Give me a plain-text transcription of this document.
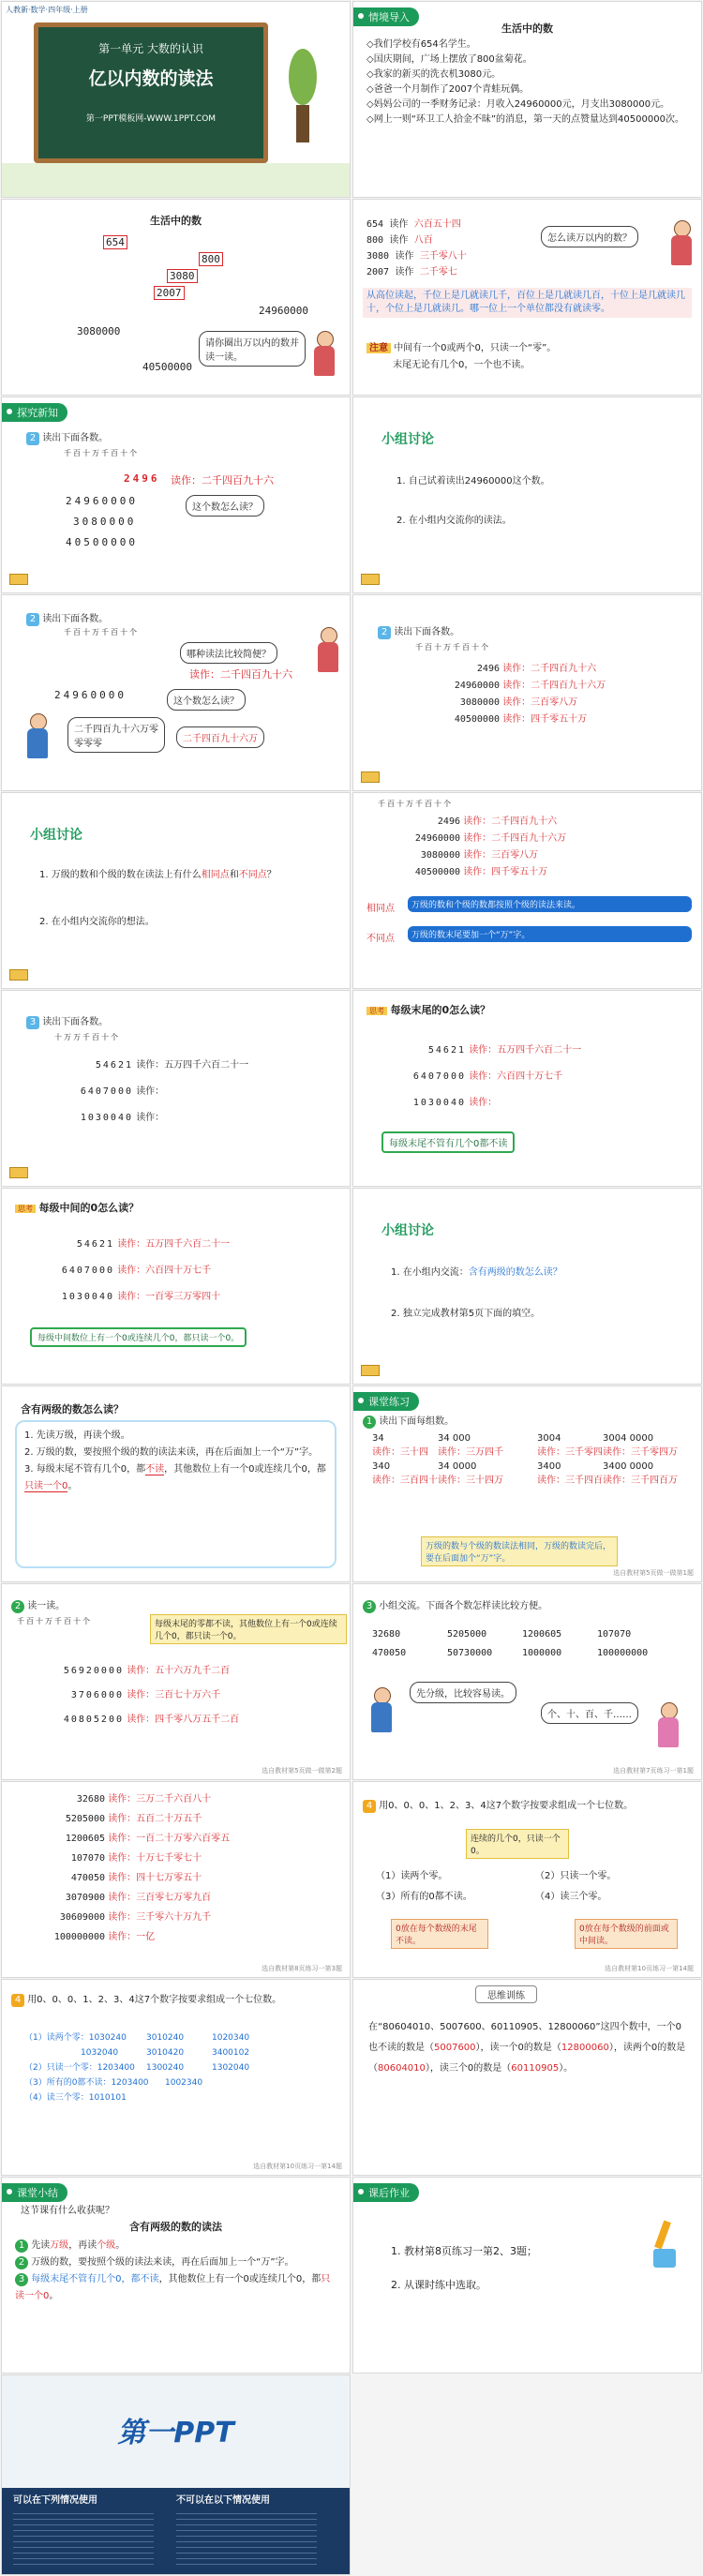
人教新·数学·四年级·上册
第一单元 大数的认识
亿以内数的读法
第一PPT模板网-WWW.1PPT.COM
情境导入
生活中的数
◇我们学校有654名学生。
◇国庆期间，广场上摆放了800盆菊花。
◇我家的新买的洗衣机3080元。
◇爸爸一个月制作了2007个青蛙玩偶。
◇妈妈公司的一季财务记录：月收入24960000元，月支出3080000元。
◇网上一则“环卫工人拾金不昧”的消息，第一天的点赞量达到40500000次。
生活中的数
654
800
3080
2007
24960000
3080000
40500000
请你圈出万以内的数并读一读。
654 读作 六百五十四
800 读作 八百
3080 读作 三千零八十
2007 读作 二千零七
怎么读万以内的数？
从高位读起，千位上是几就读几千，百位上是几就读几百，十位上是几就读几十，个位上是几就读几。哪一位上一个单位都没有就读零。
注意 中间有一个0或两个0，只读一个“零”。
末尾无论有几个0，一个也不读。
探究新知
2 读出下面各数。
千百十万千百十个
2496 读作：二千四百九十六
24960000
3080000
40500000
这个数怎么读？
小组讨论
1. 自己试着读出24960000这个数。
2. 在小组内交流你的读法。
2 读出下面各数。
千百十万千百十个
哪种读法比较简便？
读作：二千四百九十六
24960000
这个数怎么读？
二千四百九十六万零零零零	二千四百九十六万
2 读出下面各数。
千百十万千百十个
2496 读作：二千四百九十六
24960000 读作：二千四百九十六万
3080000 读作：三百零八万
40500000 读作：四千零五十万
小组讨论
1. 万级的数和个级的数在读法上有什么相同点和不同点？
2. 在小组内交流你的想法。
千百十万千百十个
2496 读作：二千四百九十六
24960000 读作：二千四百九十六万
3080000 读作：三百零八万
40500000 读作：四千零五十万
相同点	万级的数和个级的数都按照个级的读法来读。
不同点	万级的数末尾要加一个“万”字。
3 读出下面各数。
十万万千百十个
54621 读作：五万四千六百二十一
6407000 读作：
1030040 读作：
思考 每级末尾的0怎么读？
54621 读作：五万四千六百二十一
6407000 读作：六百四十万七千
1030040 读作：
每级末尾不管有几个0都不读
思考 每级中间的0怎么读？
54621 读作：五万四千六百二十一
6407000 读作：六百四十万七千
1030040 读作：一百零三万零四十
每级中间数位上有一个0或连续几个0，都只读一个0。
小组讨论
1. 在小组内交流：含有两级的数怎么读？
2. 独立完成教材第5页下面的填空。
含有两级的数怎么读？
1. 先读万级，再读个级。
2. 万级的数，要按照个级的数的读法来读，再在后面加上一个“万”字。
3. 每级末尾不管有几个0，都不读，其他数位上有一个0或连续几个0，都只读一个0。
课堂练习
1 读出下面每组数。
34	34 000
读作：三十四 读作：三万四千
340	34 0000
读作：三百四十读作：三十四万
3004	3004 0000
读作：三千零四读作：三千零四万
3400	3400 0000
读作：三千四百读作：三千四百万
万级的数与个级的数读法相同，万级的数读完后，要在后面加个“万”字。
选自教材第5页做一做第1题
2 读一读。
千百十万千百十个	每级末尾的零都不读，其他数位上有一个0或连续几个0，都只读一个0。
56920000 读作：五十六万九千二百
3706000 读作：三百七十万六千
40805200 读作：四千零八万五千二百
选自教材第5页做一做第2题
3 小组交流。下面各个数怎样读比较方便。
32680	5205000	1200605	107070
470050	50730000	1000000	100000000
先分级，比较容易读。
个、十、百、千……
选自教材第7页练习一第1题
32680 读作：三万二千六百八十
5205000 读作：五百二十万五千
1200605 读作：一百二十万零六百零五
107070 读作：十万七千零七十
470050 读作：四十七万零五十
3070900 读作：三百零七万零九百
30609000 读作：三千零六十万九千
100000000 读作：一亿
选自教材第8页练习一第3题
4 用0、0、0、1、2、3、4这7个数字按要求组成一个七位数。
连续的几个0，只读一个0。
（1）读两个零。	（2）只读一个零。
（3）所有的0都不读。	（4）读三个零。
0放在每个数级的末尾不读。
0放在每个数级的前面或中间读。
选自教材第10页练习一第14题
4 用0、0、0、1、2、3、4这7个数字按要求组成一个七位数。
（1）读两个零：1030240 3010240	1020340
1032040	3010420	3400102
（2）只读一个零：1203400 1300240	1302040
（3）所有的0都不读：1203400 1002340
（4）读三个零：1010101
选自教材第10页练习一第14题
思维训练
在“80604010、5007600、60110905、12800060”这四个数中，一个0也不读的数是（5007600），读一个0的数是（12800060），读两个0的数是（80604010），读三个0的数是（60110905）。
课堂小结
这节课有什么收获呢？
含有两级的数的读法
1 先读万级，再读个级。
2 万级的数，要按照个级的读法来读，再在后面加上一个“万”字。
3 每级末尾不管有几个0，都不读，其他数位上有一个0或连续几个0，都只读一个0。
课后作业
1. 教材第8页练习一第2、3题；
2. 从课时练中选取。
第一PPT
可以在下列情况使用	不可以在以下情况使用
